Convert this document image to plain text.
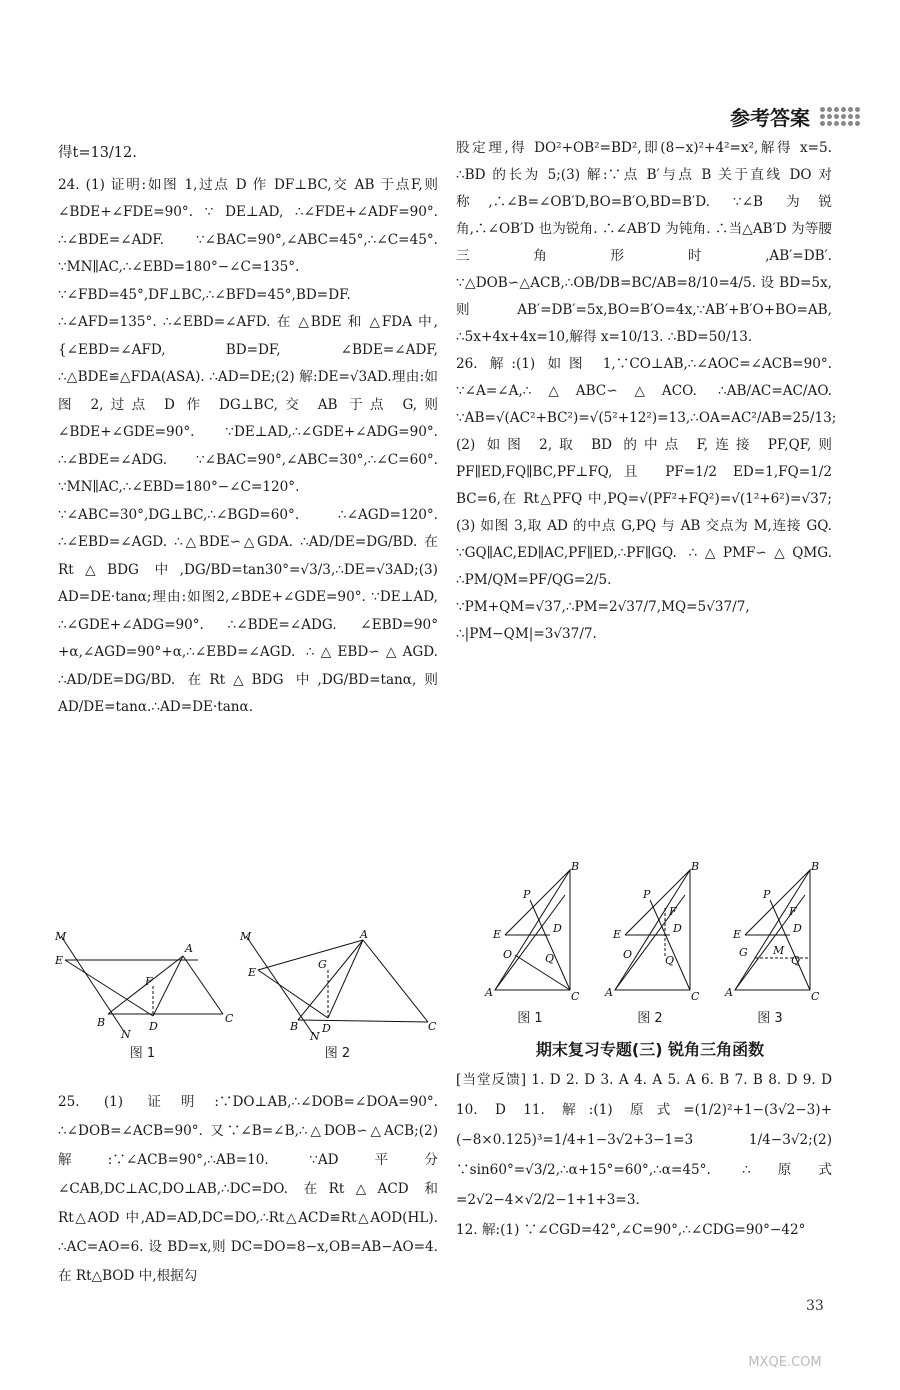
参考答案

得t=13/12.

24. (1) 证明:如图 1,过点 D 作 DF⊥BC,交 AB 于点F,则∠BDE+∠FDE=90°. ∵ DE⊥AD, ∴∠FDE+∠ADF=90°. ∴∠BDE=∠ADF. ∵∠BAC=90°,∠ABC=45°,∴∠C=45°. ∵MN∥AC,∴∠EBD=180°−∠C=135°. ∵∠FBD=45°,DF⊥BC,∴∠BFD=45°,BD=DF. ∴∠AFD=135°. ∴∠EBD=∠AFD. 在 △BDE 和 △FDA 中, {∠EBD=∠AFD, BD=DF, ∠BDE=∠ADF, ∴△BDE≌△FDA(ASA). ∴AD=DE;(2) 解:DE=√3AD.理由:如图 2,过点 D 作 DG⊥BC,交 AB 于点 G,则∠BDE+∠GDE=90°. ∵DE⊥AD,∴∠GDE+∠ADG=90°. ∴∠BDE=∠ADG. ∵∠BAC=90°,∠ABC=30°,∴∠C=60°. ∵MN∥AC,∴∠EBD=180°−∠C=120°. ∵∠ABC=30°,DG⊥BC,∴∠BGD=60°. ∴∠AGD=120°. ∴∠EBD=∠AGD. ∴△BDE∽△GDA. ∴AD/DE=DG/BD. 在Rt△BDG 中,DG/BD=tan30°=√3/3,∴DE=√3AD;(3) AD=DE·tanα;理由:如图2,∠BDE+∠GDE=90°. ∵DE⊥AD, ∴∠GDE+∠ADG=90°. ∴∠BDE=∠ADG. ∠EBD=90°+α,∠AGD=90°+α,∴∠EBD=∠AGD. ∴△EBD∽△AGD. ∴AD/DE=DG/BD. 在Rt△BDG 中,DG/BD=tanα,则AD/DE=tanα.∴AD=DE·tanα.

M
E
A
F
B	D
C
N
图 1
M
E
A
G
B D	C
N
图 2

25. (1) 证明:∵DO⊥AB,∴∠DOB=∠DOA=90°. ∴∠DOB=∠ACB=90°. 又∵∠B=∠B,∴△DOB∽△ACB;(2) 解:∵∠ACB=90°,∴AB=10. ∵AD平分∠CAB,DC⊥AC,DO⊥AB,∴DC=DO. 在Rt△ACD 和Rt△AOD 中,AD=AD,DC=DO,∴Rt△ACD≌Rt△AOD(HL). ∴AC=AO=6. 设 BD=x,则 DC=DO=8−x,OB=AB−AO=4. 在 Rt△BOD 中,根据勾

股定理,得 DO²+OB²=BD²,即(8−x)²+4²=x²,解得 x=5. ∴BD 的长为 5;(3) 解:∵点 B′与点 B 关于直线 DO 对称,∴∠B=∠OB′D,BO=B′O,BD=B′D. ∵∠B 为锐角,∴∠OB′D 也为锐角. ∴∠AB′D 为钝角. ∴当△AB′D 为等腰三角形时,AB′=DB′. ∵△DOB∽△ACB,∴OB/DB=BC/AB=8/10=4/5. 设 BD=5x,则 AB′=DB′=5x,BO=B′O=4x,∵AB′+B′O+BO=AB, ∴5x+4x+4x=10,解得 x=10/13. ∴BD=50/13.

26. 解:(1) 如图 1,∵CO⊥AB,∴∠AOC=∠ACB=90°. ∵∠A=∠A,∴△ABC∽△ACO. ∴AB/AC=AC/AO. ∵AB=√(AC²+BC²)=√(5²+12²)=13,∴OA=AC²/AB=25/13;(2) 如图 2,取 BD 的中点 F,连接 PF,QF,则 PF∥ED,FQ∥BC,PF⊥FQ,且 PF=1/2 ED=1,FQ=1/2 BC=6,在 Rt△PFQ 中,PQ=√(PF²+FQ²)=√(1²+6²)=√37;(3) 如图 3,取 AD 的中点 G,PQ 与 AB 交点为 M,连接 GQ. ∵GQ∥AC,ED∥AC,PF∥ED,∴PF∥GQ. ∴△PMF∽△QMG. ∴PM/QM=PF/QG=2/5. ∵PM+QM=√37,∴PM=2√37/7,MQ=5√37/7, ∴|PM−QM|=3√37/7.

B
P
E	D
O	Q
A	C
图 1
B
P
F
E	D
O	Q
A	C
图 2
B
P
F
E	D
G M
Q
A	C
图 3
期末复习专题(三) 锐角三角函数

[当堂反馈] 1. D 2. D 3. A 4. A 5. A 6. B 7. B 8. D 9. D 10. D 11. 解:(1) 原式=(1/2)²+1−(3√2−3)+(−8×0.125)³=1/4+1−3√2+3−1=3 1/4−3√2;(2) ∵sin60°=√3/2,∴α+15°=60°,∴α=45°. ∴原式=2√2−4×√2/2−1+1+3=3.

12. 解:(1) ∵∠CGD=42°,∠C=90°,∴∠CDG=90°−42°

33
MXQE.COM
